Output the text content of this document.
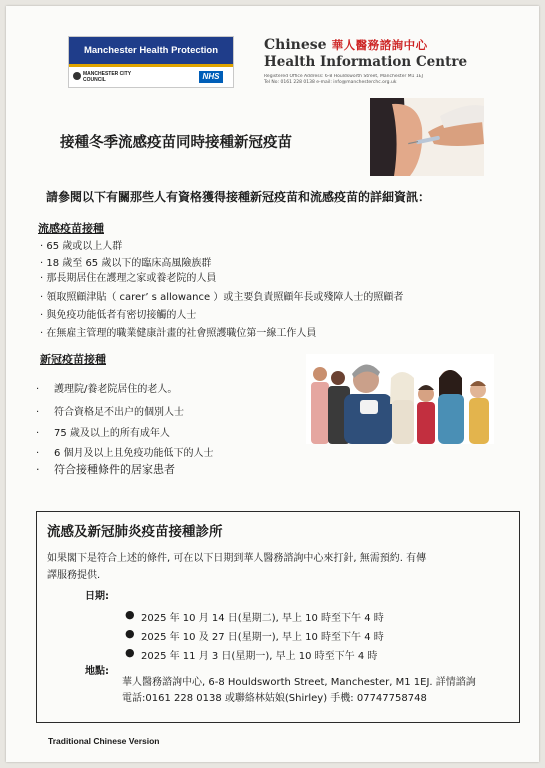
Manchester Health Protection
MANCHESTER CITY COUNCIL	NHS
Chinese 華人醫務諮詢中心
Health Information Centre
Registered Office Address: 6-8 Houldsworth Street, Manchester M1 1EJ
Tel No: 0161 228 0138 e-mail: info@manchesterchc.org.uk
接種冬季流感疫苗同時接種新冠疫苗
請參閱以下有關那些人有資格獲得接種新冠疫苗和流感疫苗的詳細資訊：
流感疫苗接種
· 65 歲或以上人群
· 18 歲至 65 歲以下的臨床高風險族群
· 那長期居住在護理之家或養老院的人員
· 領取照顧津貼（ carer’ s allowance ）或主要負責照顧年長或殘障人士的照顧者
· 與免疫功能低者有密切接觸的人士
· 在無雇主管理的職業健康計畫的社會照護職位第一線工作人員
新冠疫苗接種
· 護理院/養老院居住的老人。
· 符合資格足不出户的個別人士
· 75 歲及以上的所有成年人
· 6 個月及以上且免疫功能低下的人士
· 符合接種條件的居家患者
流感及新冠肺炎疫苗接種診所
如果閣下是符合上述的條件, 可在以下日期到華人醫務諮詢中心來打針, 無需預約. 有傳
譯服務提供.
日期:
● 2025 年 10 月 14 日(星期二), 早上 10 時至下午 4 時
● 2025 年 10 及 27 日(星期一), 早上 10 時至下午 4 時
● 2025 年 11 月 3 日(星期一), 早上 10 時至下午 4 時
地點:
華人醫務諮詢中心, 6-8 Houldsworth Street, Manchester, M1 1EJ. 詳情諮詢
電話:0161 228 0138 或聯絡林姑娘(Shirley) 手機: 07747758748
Traditional Chinese Version
